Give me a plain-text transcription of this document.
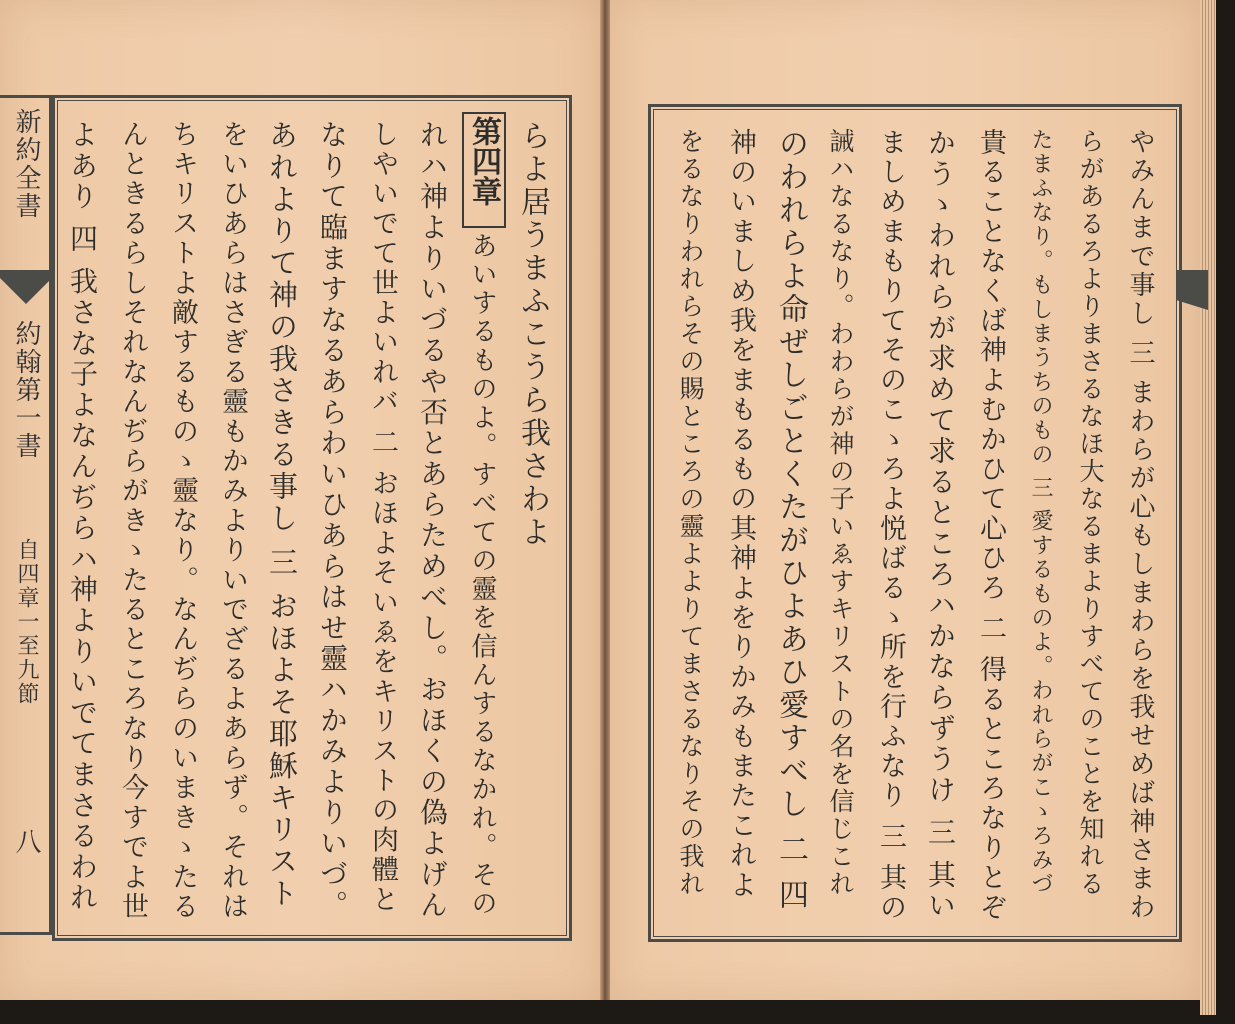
新約全書
約翰第一書
自四章一至九節
八
第四章 らよ居うまふこうら我さわよ
あいするものよ。すべての靈を信んするなかれ。その
れハ神よりいづるや否とあらためべし。おほくの偽よげん
しやいでて世よいれバ 二 おほよそいゑをキリストの肉體と
なりて臨ますなるあらわいひあらはせ靈ハかみよりいづ。
あれよりて神の我さきる事し 三 おほよそ耶穌キリスト
をいひあらはさぎる靈もかみよりいでざるよあらず。それは
ちキリストよ敵するものゝ靈なり。なんぢらのいまきゝたる
んときるらしそれなんぢらがきゝたるところなり今すでよ世
よあり 四 我さな子よなんぢらハ神よりいでてまさるわれ	やみんまで事し 三 まわらが心もしまわらを我せめば神さまわ
らがあるろよりまさるなほ大なるまよりすべてのことを知れる
たまふなり。もしまうちのもの 三 愛するものよ。われらがこゝろみづ
貴ることなくば神よむかひて心ひろ 二 得るところなりとぞ
かうゝわれらが求めて求るところハかならずうけ 三 其い
ましめまもりてそのこゝろよ悦ばるゝ所を行ふなり 三 其の
誡ハなるなり。わわらが神の子いゑすキリストの名を信じこれ
のわれらよ命ぜしごとくたがひよあひ愛すべし 二 四
神のいましめ我をまもるもの其神よをりかみもまたこれよ
をるなりわれらその賜ところの靈よよりてまさるなりその我れ
